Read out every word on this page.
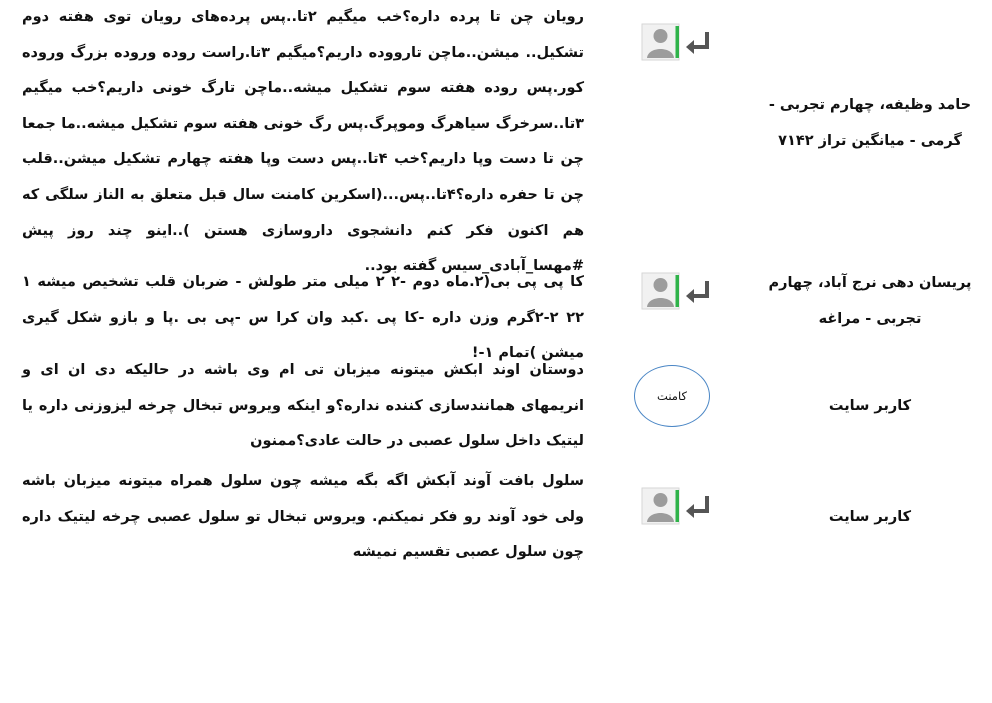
رویان چن تا پرده داره؟خب میگیم ۲تا..پس پردەهای رویان توی هفته دوم تشکیل.. میشن..ماچن تارووده داریم؟میگیم ۳تا.راست روده وروده بزرگ وروده کور.پس روده هفته سوم تشکیل میشه..ماچن تارگ خونی داریم؟خب میگیم ۳تا..سرخرگ سیاهرگ وموپرگ.پس رگ خونی هفته سوم تشکیل میشه..ما جمعا چن تا دست وپا داریم؟خب ۴تا..پس دست وپا هفته چهارم تشکیل میشن..قلب چن تا حفره داره؟۴تا..پس...(اسکرین کامنت سال قبل متعلق به الناز سلگی که هم اکنون فکر کنم دانشجوی داروسازی هستن )..اینو چند روز پیش #مهسا_آبادی_سیس گفته بود..
حامد وظیفه، چهارم تجربی - گرمی - میانگین تراز ۷۱۴۲
کا پی پی بی(۲.ماه دوم -۲ ۲ میلی متر طولش - ضربان قلب تشخیص میشه ۱ ۲۲ ۲-۲گرم وزن داره -کا پی .کبد وان کرا س -پی بی .پا و بازو شکل گیری میشن )تمام ۱-!
پریسان دهی نرج آباد، چهارم تجربی - مراغه
دوستان اوند ابکش میتونه میزبان تی ام وی باشه در حالیکه دی ان ای و انریمهای همانندسازی کننده نداره؟و اینکه ویروس تبخال چرخه لیزوزنی داره یا لیتیک داخل سلول عصبی در حالت عادی؟ممنون
کامنت
کاربر سایت
سلول بافت آوند آبکش اگه بگه میشه چون سلول همراه میتونه میزبان باشه ولی خود آوند رو فکر نمیکنم. ویروس تبخال تو سلول عصبی چرخه لیتیک داره چون سلول عصبی تقسیم نمیشه
کاربر سایت
